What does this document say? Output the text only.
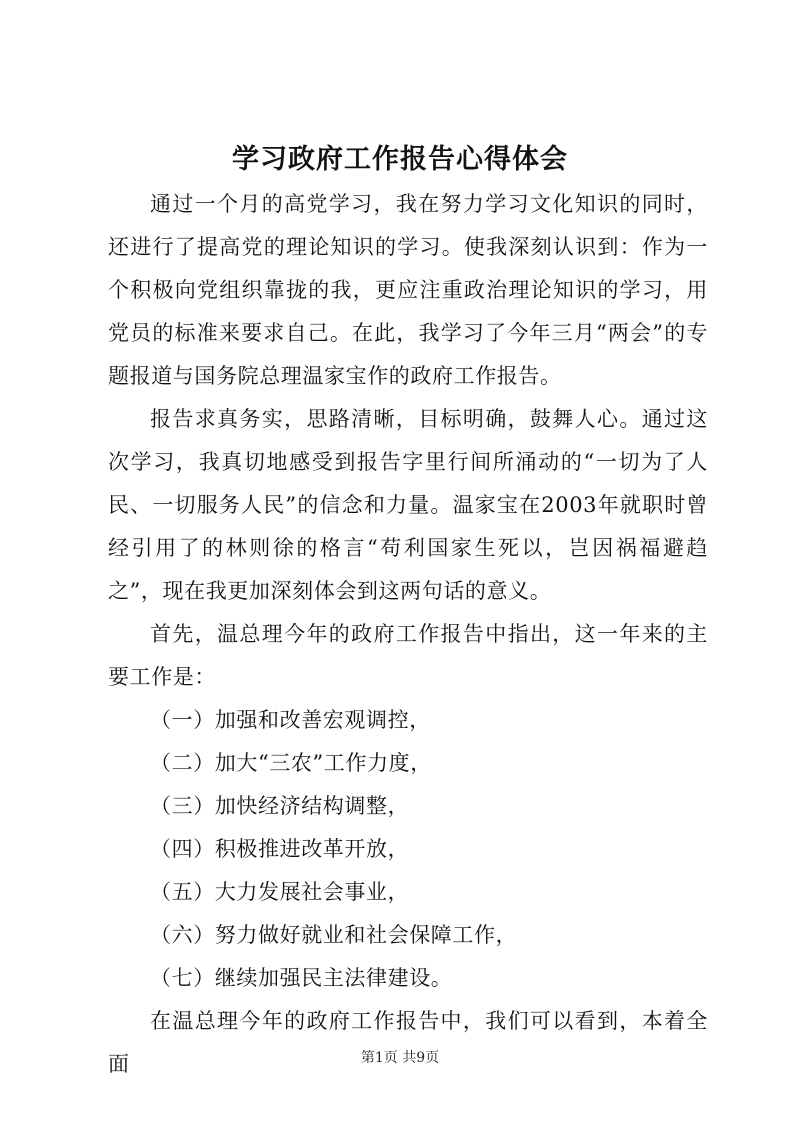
学习政府工作报告心得体会

通过一个月的高党学习，我在努力学习文化知识的同时，还进行了提高党的理论知识的学习。使我深刻认识到：作为一个积极向党组织靠拢的我，更应注重政治理论知识的学习，用党员的标准来要求自己。在此，我学习了今年三月“两会”的专题报道与国务院总理温家宝作的政府工作报告。

报告求真务实，思路清晰，目标明确，鼓舞人心。通过这次学习，我真切地感受到报告字里行间所涌动的“一切为了人民、一切服务人民”的信念和力量。温家宝在2003年就职时曾经引用了的林则徐的格言“苟利国家生死以，岂因祸福避趋之”，现在我更加深刻体会到这两句话的意义。

首先，温总理今年的政府工作报告中指出，这一年来的主要工作是：

（一）加强和改善宏观调控，

（二）加大“三农”工作力度，

（三）加快经济结构调整，

（四）积极推进改革开放，

（五）大力发展社会事业，

（六）努力做好就业和社会保障工作，

（七）继续加强民主法律建设。

在温总理今年的政府工作报告中，我们可以看到，本着全面	第1页 共9页
